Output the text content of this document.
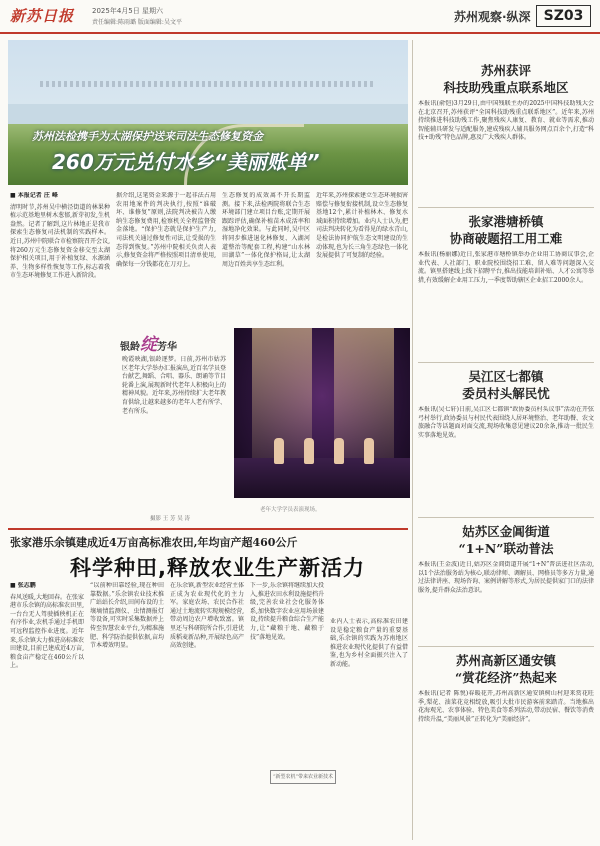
新苏日报	2025年4月5日 星期六
责任编辑:陈雨璐 版面编辑:吴文平	苏州观察·纵深 SZ03
苏州法检携手为太湖保护送来司法生态修复资金
260万元兑付水乡“美丽账单”
■ 本报记者 庄 峰
清明时节,苏州吴中横泾街道的林果种植示范基地里树木葱郁,新芽初发,生机盎然。记者了解到,这片林地正是我市探索生态修复司法机制的实践样本。近日,苏州中院联合市检察院召开会议,将260万元生态修复资金移交至太湖保护相关项目,用于补植复绿、水源涵养、生物多样性恢复等工作,标志着我市生态环境修复工作进入新阶段。
据介绍,这笔资金来源于一起非法占用农用地案件的判决执行,按照“谁破坏、谁修复”原则,法院判决被告人缴纳生态修复费用,检察机关全程监督资金落地。“保护生态就是保护生产力,司法机关通过修复性司法,让受损的生态得到恢复。”苏州中院相关负责人表示,修复资金将严格按照项目清单使用,确保每一分钱都花在刀刃上。
生态修复的成效离不开长期监测。接下来,法检两院将联合生态环境部门建立项目台账,定期开展跟踪评估,确保补植苗木成活率和湿地净化效果。与此同时,吴中区将同步推进退化林修复、入湖河道整治等配套工程,构建“山水林田湖草”一体化保护格局,让太湖周边百姓共享生态红利。
近年来,苏州探索建立生态环境损害赔偿与修复衔接机制,设立生态修复基地12个,累计补植林木、修复水域面积持续增加。业内人士认为,把司法判决转化为看得见的绿水青山,是检法协同护航生态文明建设的生动体现,也为长三角生态绿色一体化发展提供了可复制的经验。
银龄绽芳华
晚霞映湖,银龄逐梦。日前,苏州市姑苏区老年大学举办汇报演出,近百名学员登台献艺,舞蹈、合唱、器乐、朗诵等节目轮番上演,展现新时代老年人积极向上的精神风貌。近年来,苏州持续扩大老年教育供给,让越来越多的老年人老有所学、老有所乐。
摄影 王 芳 吴 涛
老年大学学员表演现场。
张家港乐余镇建成近4万亩高标准农田,年均亩产超460公斤
科学种田,释放农业生产新活力
■ 张志鹏
春风送暖,大地回春。在张家港市乐余镇的高标准农田里,一台台无人驾驶插秧机正在有序作业,农机手通过手机即可远程监控作业进度。近年来,乐余镇大力推进高标准农田建设,目前已建成近4万亩,粮食亩产稳定在460公斤以上。
“以前种田靠经验,现在种田靠数据。”乐余镇农业技术推广站站长介绍,田间布设的土壤墒情监测仪、虫情测报灯等设备,可实时采集数据并上传至智慧农业平台,为精准施肥、科学防治提供依据,亩均节本增效明显。
在乐余镇,新型农业经营主体正成为农业现代化的主力军。家庭农场、农民合作社通过土地流转实现规模经营,带动周边农户增收致富。镇里还与科研院所合作,引进优质稻麦新品种,开展绿色高产高效创建。
下一步,乐余镇将继续加大投入,推进农田水利设施提档升级,完善农业社会化服务体系,加快数字农业应用场景建设,持续提升粮食综合生产能力,让“藏粮于地、藏粮于技”落地见效。
业内人士表示,高标准农田建设是稳定粮食产量的重要基础,乐余镇的实践为苏南地区推进农业现代化提供了有益借鉴,也为乡村全面振兴注入了新动能。
“新型农机”带来农业新技术
苏州获评
科技助残重点联系地区
本报讯(俞恺)3月29日,由中国残联主办的2025中国科技助残大会在北京召开,苏州获评“全国科技助残重点联系地区”。近年来,苏州持续推进科技助残工作,聚焦残疾人康复、教育、就业等需求,推动智能辅具研发与适配服务,建成残疾人辅具服务网点百余个,打造“科技+助残”特色品牌,惠及广大残疾人群体。
张家港塘桥镇
协商破题招工用工难
本报讯(杨丽娜)近日,张家港市塘桥镇举办企业用工协商议事会,企业代表、人社部门、职业院校围绕招工难、留人难等问题深入交流。镇里搭建线上线下招聘平台,推出技能培训补贴、人才公寓等举措,有效缓解企业用工压力,一季度帮助辖区企业招工2000余人。
吴江区七都镇
委员村头解民忧
本报讯(吴七轩)日前,吴江区七都镇“政协委员村头议事”活动在开弦弓村举行,政协委员与村民代表围绕人居环境整治、老年助餐、农文旅融合等话题面对面交流,现场收集意见建议20余条,推动一批民生实事落地见效。
姑苏区金阊街道
“1+N”联动普法
本报讯(王金波)近日,姑苏区金阊街道开展“1+N”普法进社区活动,以1个法治服务站为核心,联动律师、调解员、网格员等多方力量,通过法律讲座、现场咨询、案例讲解等形式,为居民提供家门口的法律服务,提升群众法治意识。
苏州高新区通安镇
“赏花经济”热起来
本报讯(记者 陈悦)春暖花开,苏州高新区通安镇树山村迎来赏花旺季,梨花、油菜花竞相绽放,吸引大批市民游客前来踏青。当地推出花海观光、农事体验、特色美食等系列活动,带动民宿、餐饮等消费持续升温,“美丽风景”正转化为“美丽经济”。
